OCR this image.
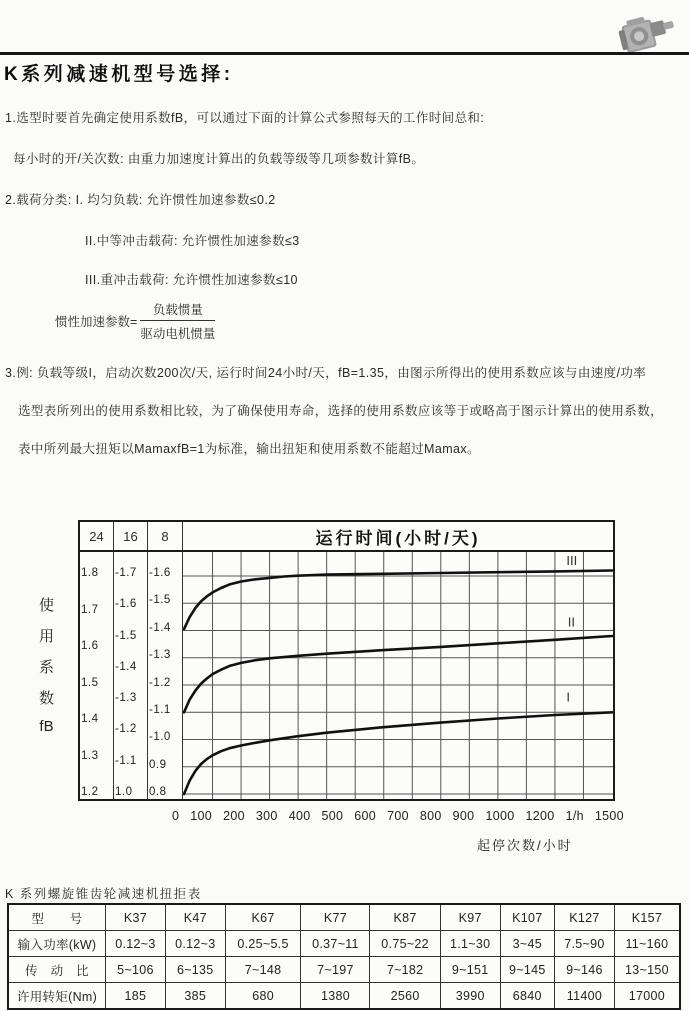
K系列减速机型号选择:
1.选型时要首先确定使用系数fB，可以通过下面的计算公式参照每天的工作时间总和:
每小时的开/关次数: 由重力加速度计算出的负载等级等几项参数计算fB。
2.载荷分类: I. 均匀负载: 允许惯性加速参数≤0.2
II.中等冲击载荷: 允许惯性加速参数≤3
III.重冲击载荷: 允许惯性加速参数≤10
惯性加速参数= $\frac{\text{负载惯量}}{\text{驱动电机惯量}}$
3.例: 负载等级I，启动次数200次/天, 运行时间24小时/天，fB=1.35，由图示所得出的使用系数应该与由速度/功率
选型表所列出的使用系数相比较，为了确保使用寿命，选择的使用系数应该等于或略高于图示计算出的使用系数，
表中所列最大扭矩以MamaxfB=1为标准，输出扭矩和使用系数不能超过Mamax。
使
用
系
数
fB
24	16	8	运行时间(小时/天)
1.8
1.7
1.6
1.5
1.4
1.3
1.2
-1.7
-1.6
-1.5
-1.4
-1.3
-1.2
-1.1
1.0
-1.6
-1.5
-1.4
-1.3
-1.2
-1.1
-1.0
0.9
0.8
III
II
I
0 100 200 300 400 500 600 700 800 900 1000 1200 1/h 1500
起停次数/小时
K 系列螺旋锥齿轮减速机扭拒表
型　　号	K37	K47	K67	K77	K87	K97	K107	K127	K157
输入功率(kW)	0.12~3	0.12~3	0.25~5.5	0.37~11	0.75~22	1.1~30	3~45	7.5~90	11~160
传　动　比	5~106	6~135	7~148	7~197	7~182	9~151	9~145	9~146	13~150
许用转矩(Nm)	185	385	680	1380	2560	3990	6840	11400	17000
